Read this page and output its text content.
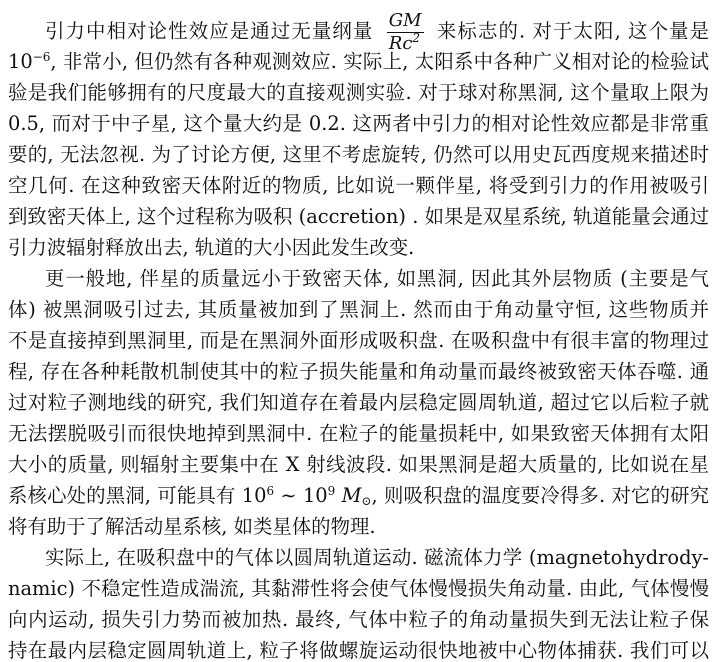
引力中相对论性效应是通过无量纲量 $\frac{GM}{Rc^2}$ 来标志的. 对于太阳, 这个量是
$10^{-6}$, 非常小, 但仍然有各种观测效应. 实际上, 太阳系中各种广义相对论的检验试
验是我们能够拥有的尺度最大的直接观测实验. 对于球对称黑洞, 这个量取上限为
0.5, 而对于中子星, 这个量大约是 0.2. 这两者中引力的相对论性效应都是非常重
要的, 无法忽视. 为了讨论方便, 这里不考虑旋转, 仍然可以用史瓦西度规来描述时
空几何. 在这种致密天体附近的物质, 比如说一颗伴星, 将受到引力的作用被吸引
到致密天体上, 这个过程称为吸积 (accretion) . 如果是双星系统, 轨道能量会通过
引力波辐射释放出去, 轨道的大小因此发生改变.
更一般地, 伴星的质量远小于致密天体, 如黑洞, 因此其外层物质 (主要是气
体) 被黑洞吸引过去, 其质量被加到了黑洞上. 然而由于角动量守恒, 这些物质并
不是直接掉到黑洞里, 而是在黑洞外面形成吸积盘. 在吸积盘中有很丰富的物理过
程, 存在各种耗散机制使其中的粒子损失能量和角动量而最终被致密天体吞噬. 通
过对粒子测地线的研究, 我们知道存在着最内层稳定圆周轨道, 超过它以后粒子就
无法摆脱吸引而很快地掉到黑洞中. 在粒子的能量损耗中, 如果致密天体拥有太阳
大小的质量, 则辐射主要集中在 X 射线波段. 如果黑洞是超大质量的, 比如说在星
系核心处的黑洞, 可能具有 $10^6$ ∼ $10^9$ M⊙, 则吸积盘的温度要冷得多. 对它的研究
将有助于了解活动星系核, 如类星体的物理.
实际上, 在吸积盘中的气体以圆周轨道运动. 磁流体力学 (magnetohydrody-
namic) 不稳定性造成湍流, 其黏滞性将会使气体慢慢损失角动量. 由此, 气体慢慢
向内运动, 损失引力势而被加热. 最终, 气体中粒子的角动量损失到无法让粒子保
持在最内层稳定圆周轨道上, 粒子将做螺旋运动很快地被中心物体捕获. 我们可以
